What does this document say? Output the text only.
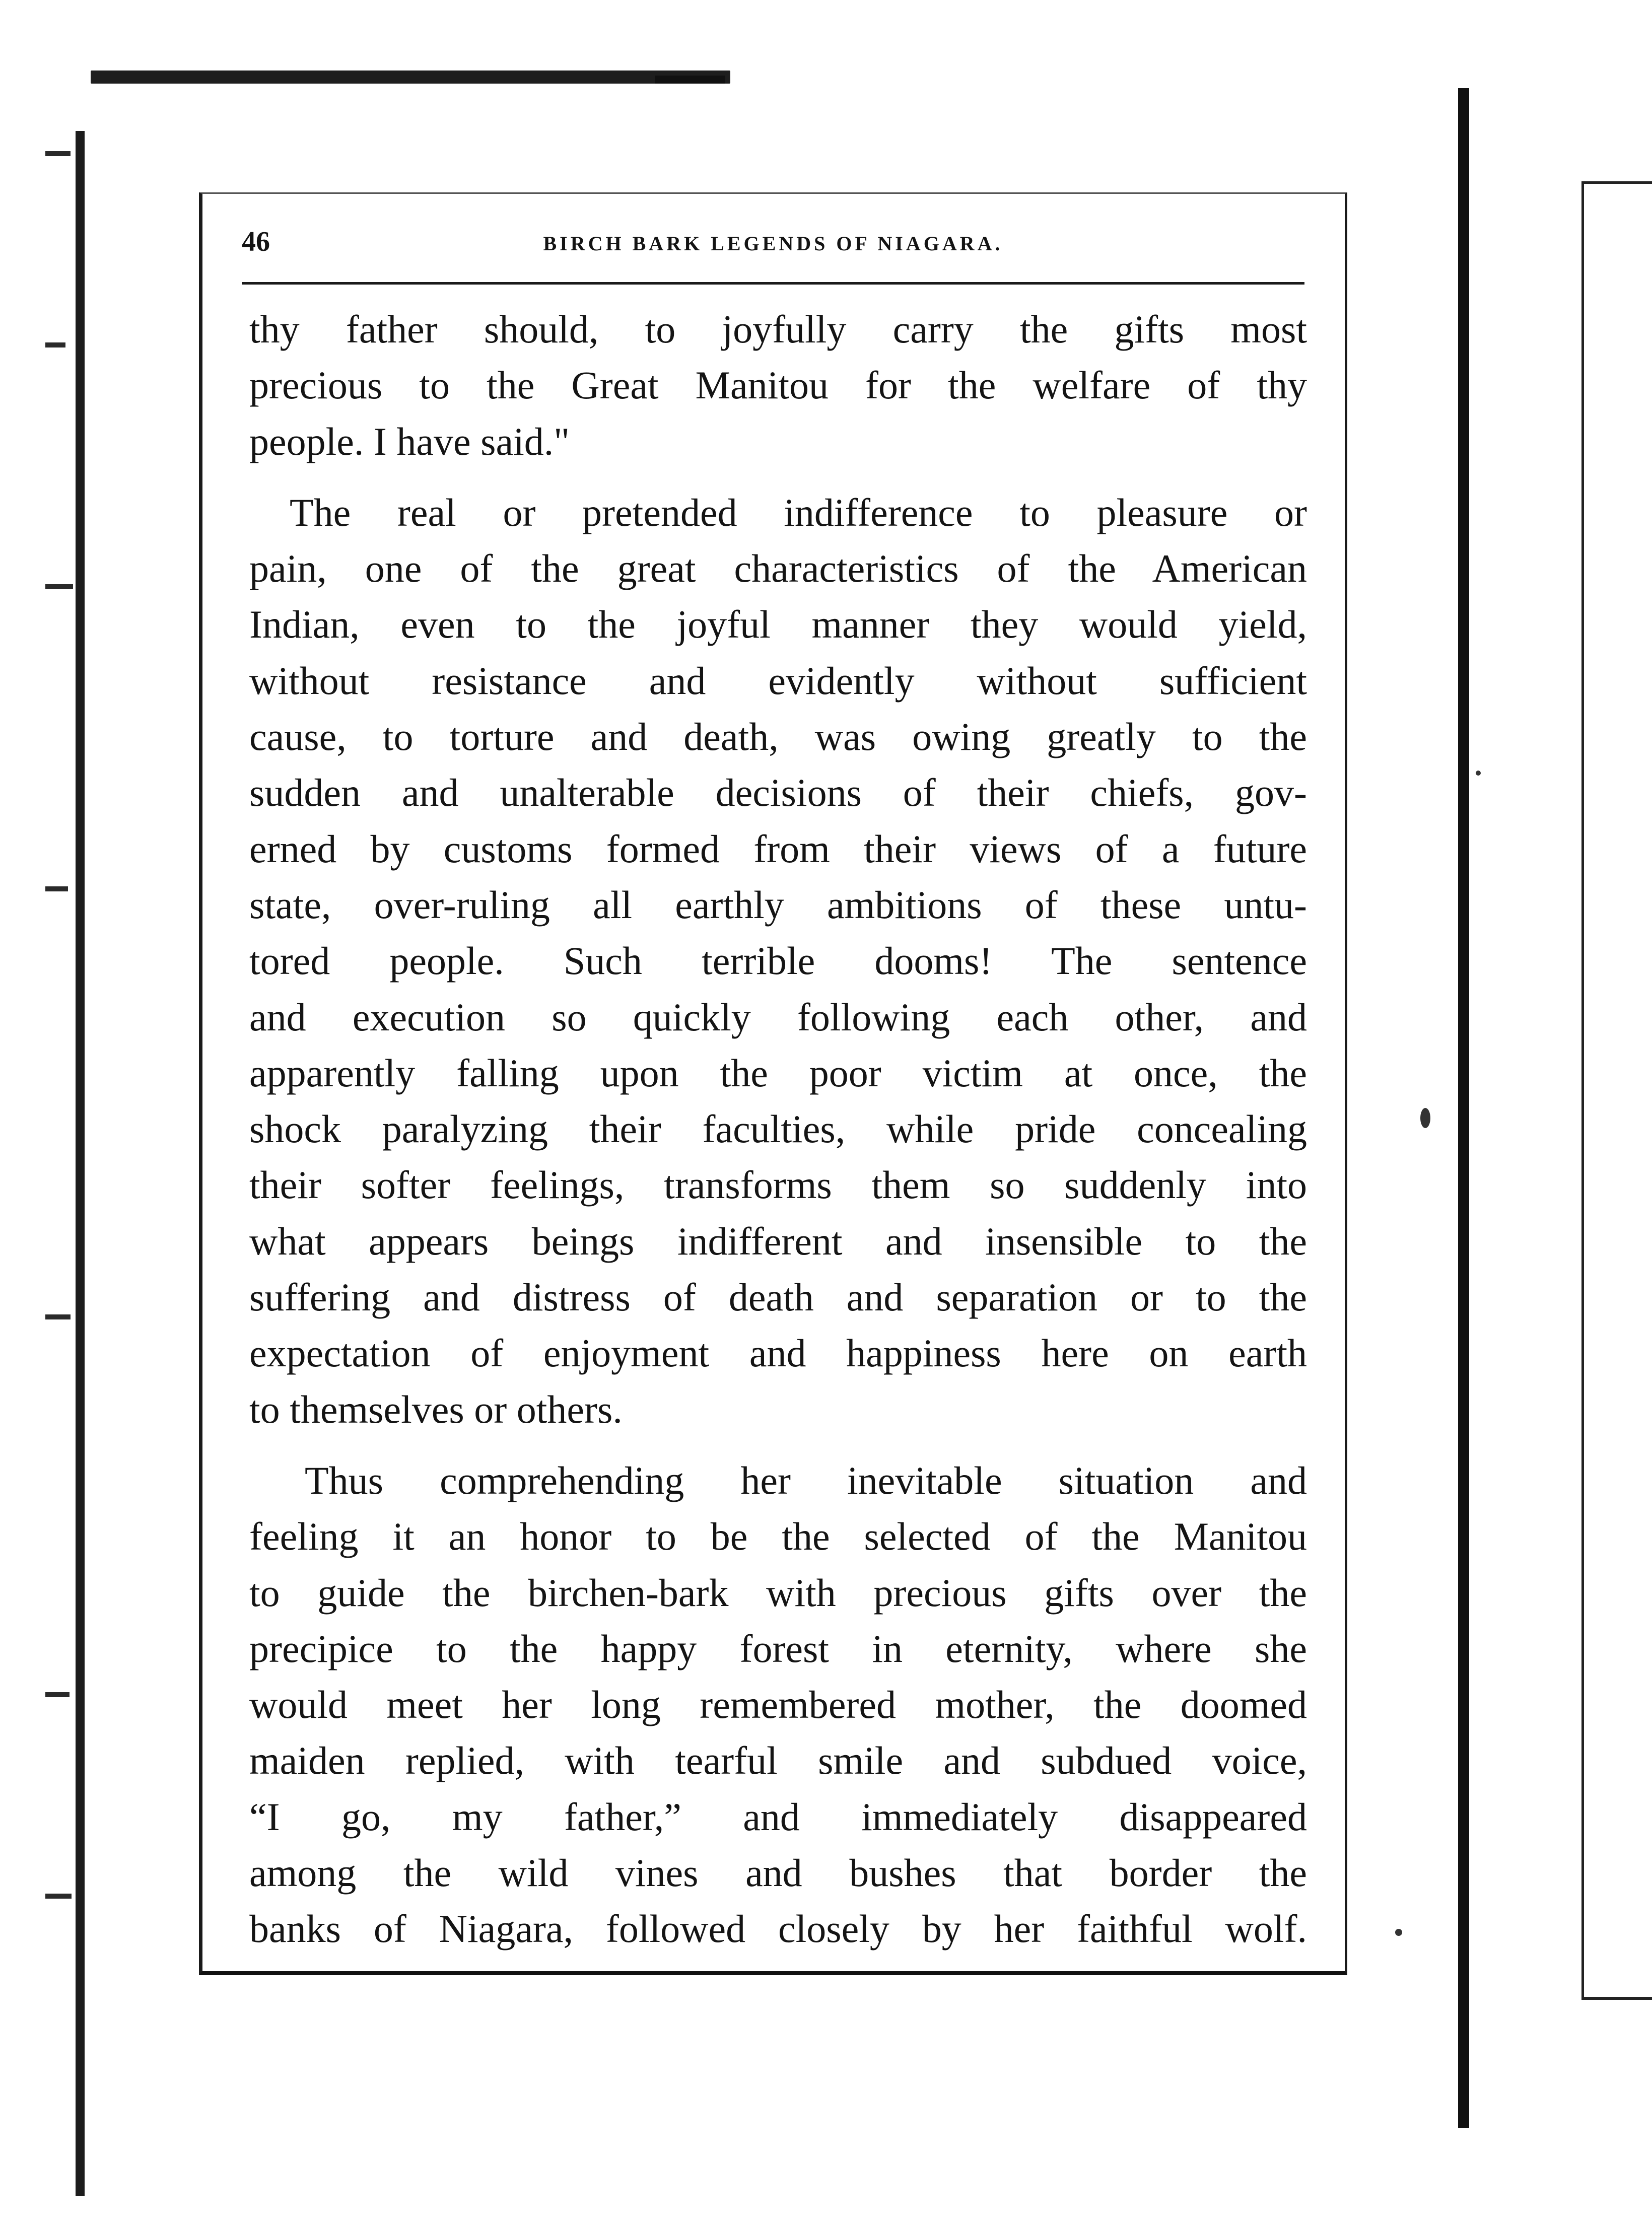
46	BIRCH BARK LEGENDS OF NIAGARA.
thy father should, to joyfully carry the gifts most
precious to the Great Manitou for the welfare of thy
people. I have said."
The real or pretended indifference to pleasure or
pain, one of the great characteristics of the American
Indian, even to the joyful manner they would yield,
without resistance and evidently without sufficient
cause, to torture and death, was owing greatly to the
sudden and unalterable decisions of their chiefs, gov-
erned by customs formed from their views of a future
state, over-ruling all earthly ambitions of these untu-
tored people. Such terrible dooms! The sentence
and execution so quickly following each other, and
apparently falling upon the poor victim at once, the
shock paralyzing their faculties, while pride concealing
their softer feelings, transforms them so suddenly into
what appears beings indifferent and insensible to the
suffering and distress of death and separation or to the
expectation of enjoyment and happiness here on earth
to themselves or others.
Thus comprehending her inevitable situation and
feeling it an honor to be the selected of the Manitou
to guide the birchen-bark with precious gifts over the
precipice to the happy forest in eternity, where she
would meet her long remembered mother, the doomed
maiden replied, with tearful smile and subdued voice,
“I go, my father,” and immediately disappeared
among the wild vines and bushes that border the
banks of Niagara, followed closely by her faithful wolf.
